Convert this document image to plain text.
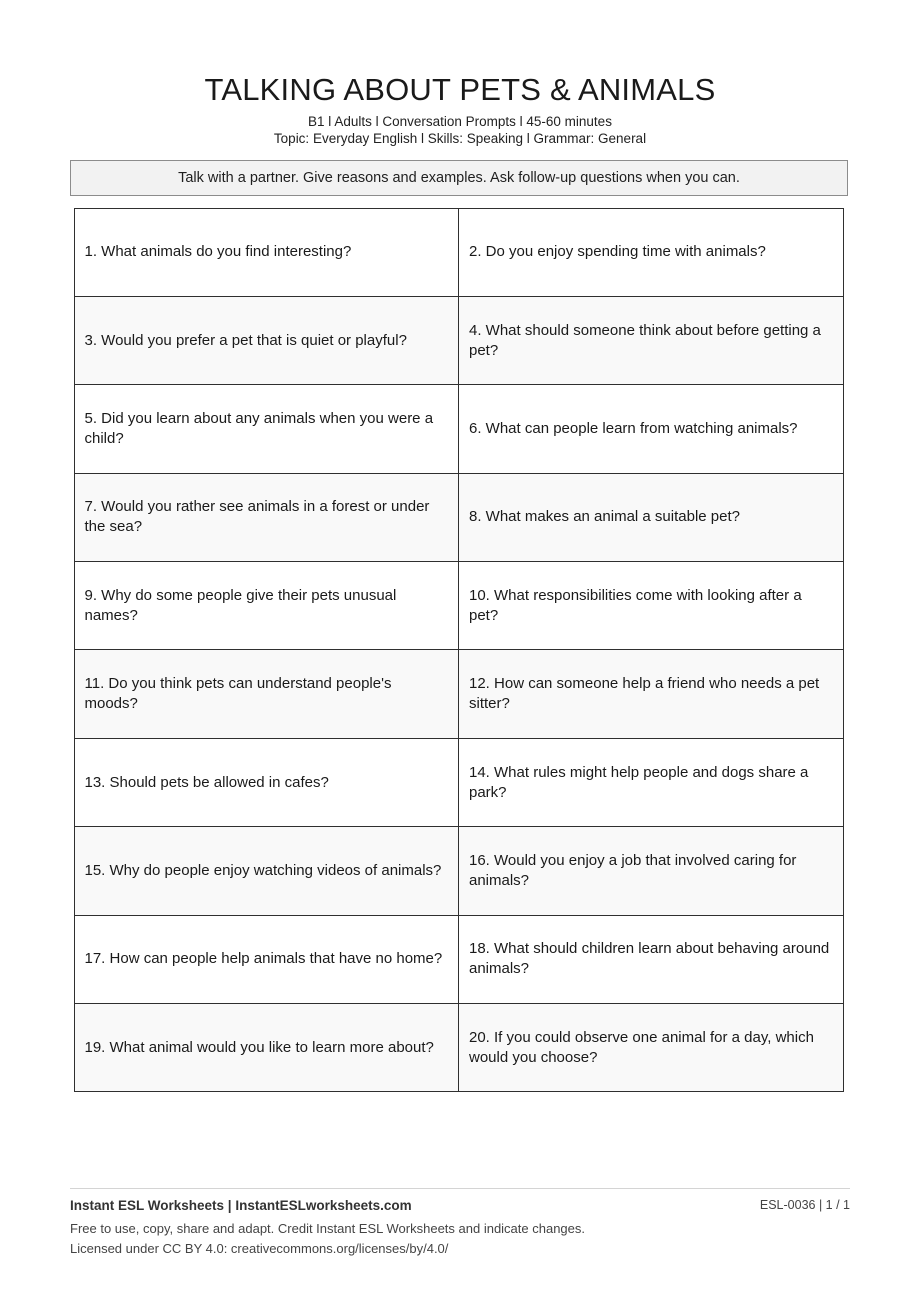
TALKING ABOUT PETS & ANIMALS
B1 l Adults l Conversation Prompts l 45-60 minutes
Topic: Everyday English l Skills: Speaking l Grammar: General
Talk with a partner. Give reasons and examples. Ask follow-up questions when you can.
1. What animals do you find interesting?	2. Do you enjoy spending time with animals?
3. Would you prefer a pet that is quiet or playful?
4. What should someone think about before getting a pet?
5. Did you learn about any animals when you were a child?
6. What can people learn from watching animals?
7. Would you rather see animals in a forest or under the sea?
8. What makes an animal a suitable pet?
9. Why do some people give their pets unusual names?
10. What responsibilities come with looking after a pet?
11. Do you think pets can understand people's moods?
12. How can someone help a friend who needs a pet sitter?
13. Should pets be allowed in cafes?
14. What rules might help people and dogs share a park?
15. Why do people enjoy watching videos of animals?
16. Would you enjoy a job that involved caring for animals?
17. How can people help animals that have no home?
18. What should children learn about behaving around animals?
19. What animal would you like to learn more about?
20. If you could observe one animal for a day, which would you choose?
Instant ESL Worksheets | InstantESLworksheets.com	ESL-0036 | 1 / 1
Free to use, copy, share and adapt. Credit Instant ESL Worksheets and indicate changes.
Licensed under CC BY 4.0: creativecommons.org/licenses/by/4.0/
